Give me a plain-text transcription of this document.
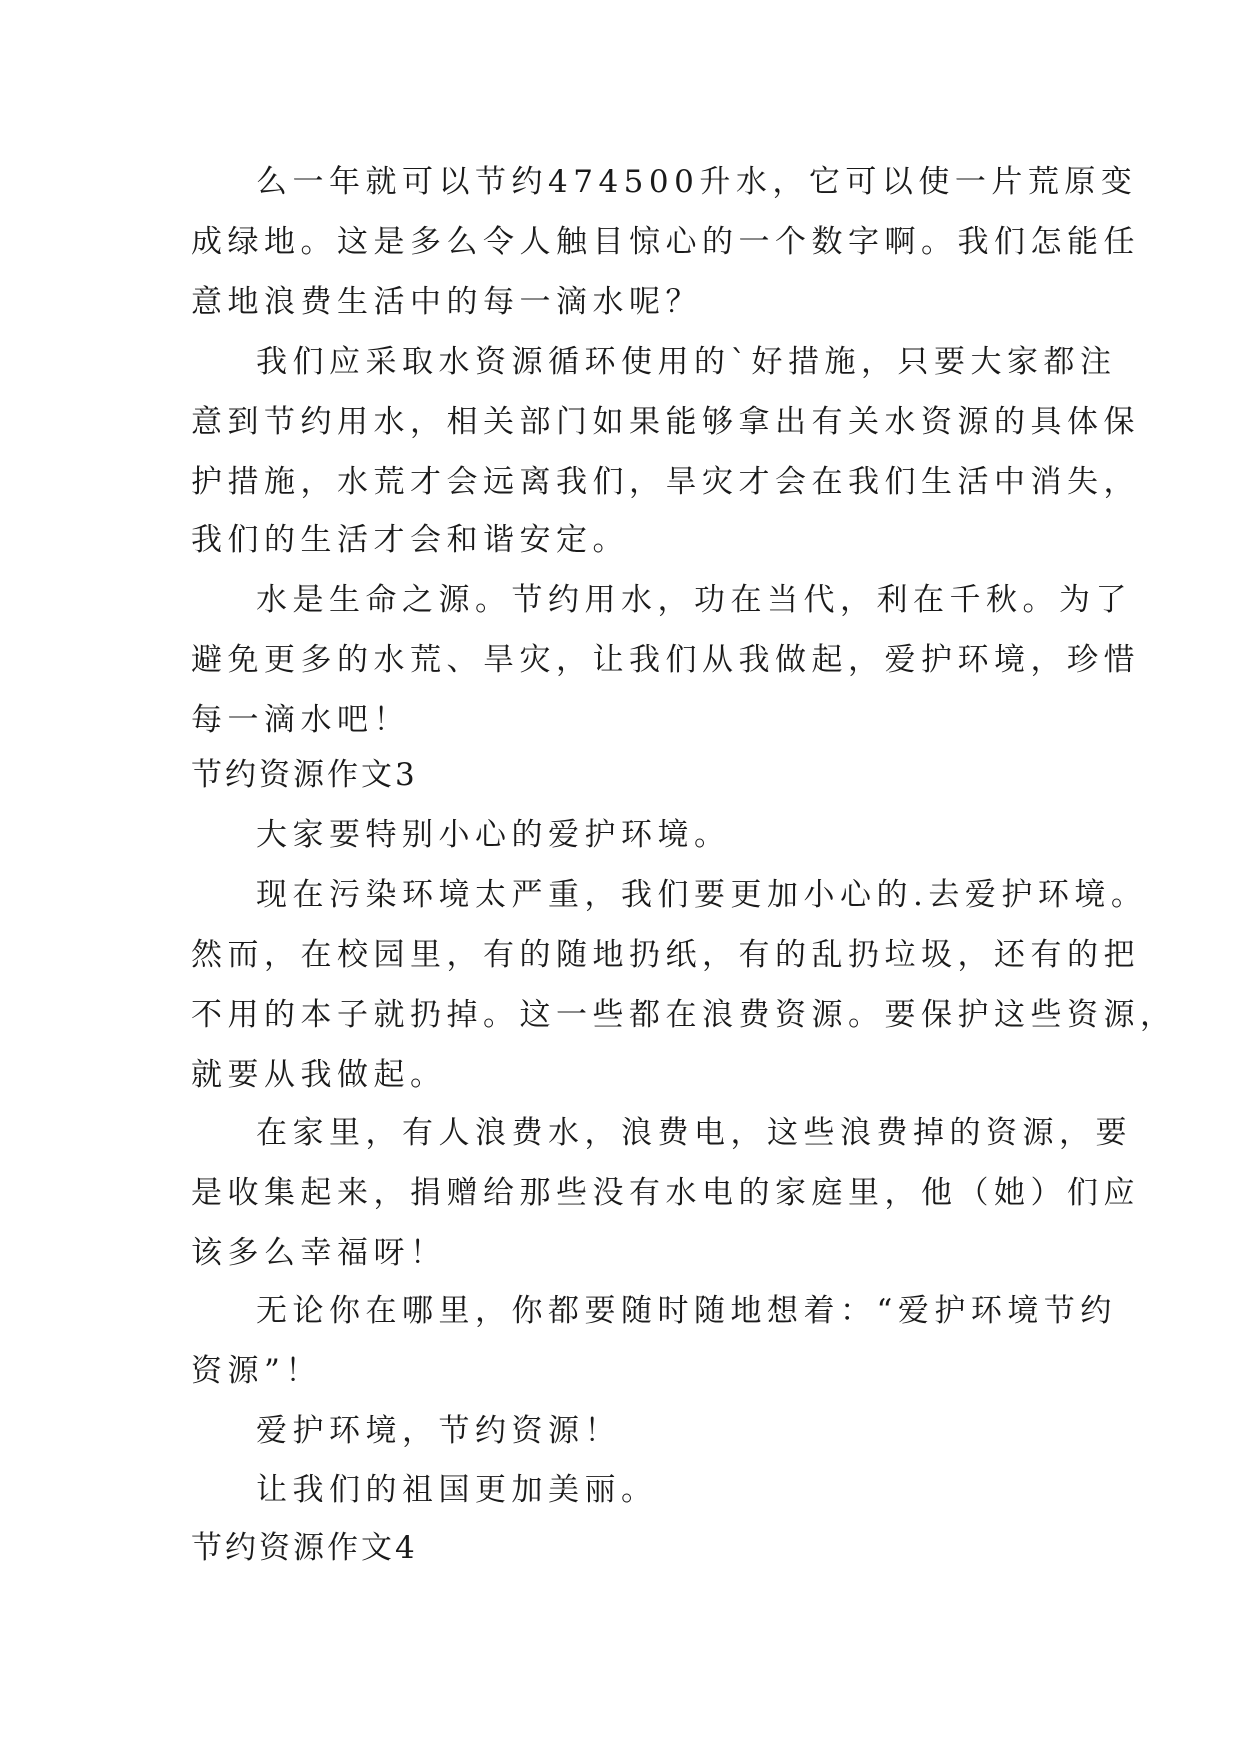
么一年就可以节约474500升水，它可以使一片荒原变
成绿地。这是多么令人触目惊心的一个数字啊。我们怎能任
意地浪费生活中的每一滴水呢？
我们应采取水资源循环使用的`好措施，只要大家都注
意到节约用水，相关部门如果能够拿出有关水资源的具体保
护措施，水荒才会远离我们，旱灾才会在我们生活中消失，
我们的生活才会和谐安定。
水是生命之源。节约用水，功在当代，利在千秋。为了
避免更多的水荒、旱灾，让我们从我做起，爱护环境，珍惜
每一滴水吧！
节约资源作文3
大家要特别小心的爱护环境。
现在污染环境太严重，我们要更加小心的.去爱护环境。
然而，在校园里，有的随地扔纸，有的乱扔垃圾，还有的把
不用的本子就扔掉。这一些都在浪费资源。要保护这些资源，
就要从我做起。
在家里，有人浪费水，浪费电，这些浪费掉的资源，要
是收集起来，捐赠给那些没有水电的家庭里，他（她）们应
该多么幸福呀！
无论你在哪里，你都要随时随地想着：“爱护环境节约
资源”！
爱护环境，节约资源！
让我们的祖国更加美丽。
节约资源作文4
